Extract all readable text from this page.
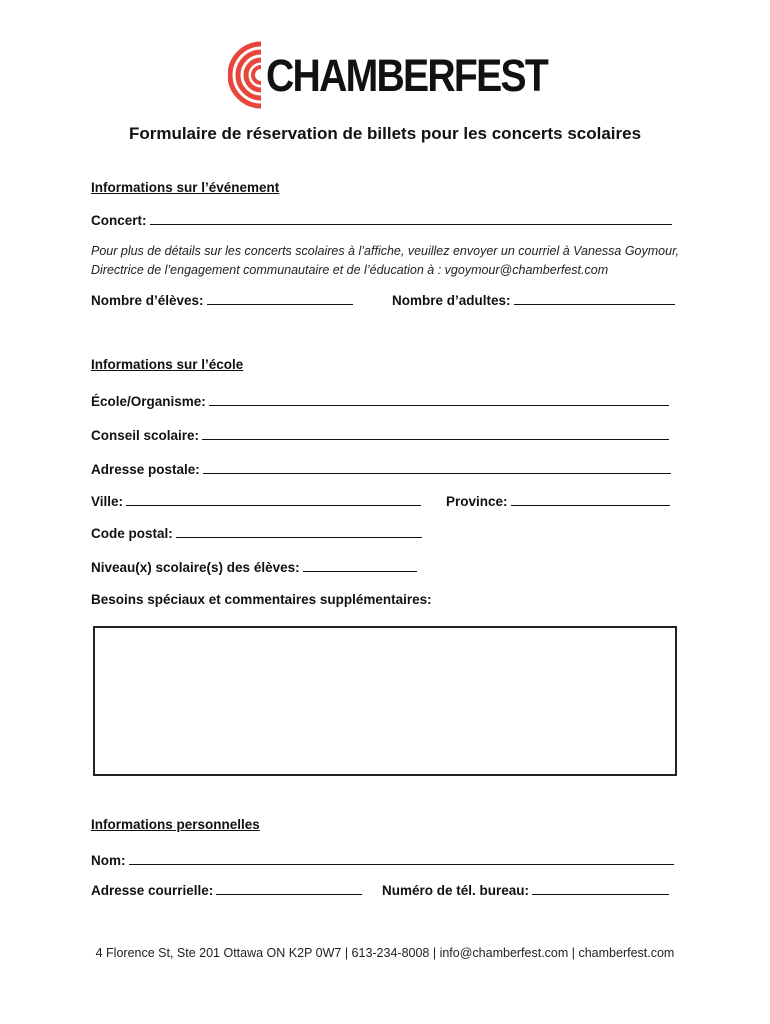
CHAMBERFEST
Formulaire de réservation de billets pour les concerts scolaires
Informations sur l’événement
Concert:
Pour plus de détails sur les concerts scolaires à l’affiche, veuillez envoyer un courriel à Vanessa Goymour, Directrice de l’engagement communautaire et de l’éducation à : vgoymour@chamberfest.com
Nombre d’élèves:	Nombre d’adultes:
Informations sur l’école
École/Organisme:
Conseil scolaire:
Adresse postale:
Ville:	Province:
Code postal:
Niveau(x) scolaire(s) des élèves:
Besoins spéciaux et commentaires supplémentaires:
Informations personnelles
Nom:
Adresse courrielle:	Numéro de tél. bureau:
4 Florence St, Ste 201 Ottawa ON K2P 0W7 | 613-234-8008 | info@chamberfest.com | chamberfest.com
